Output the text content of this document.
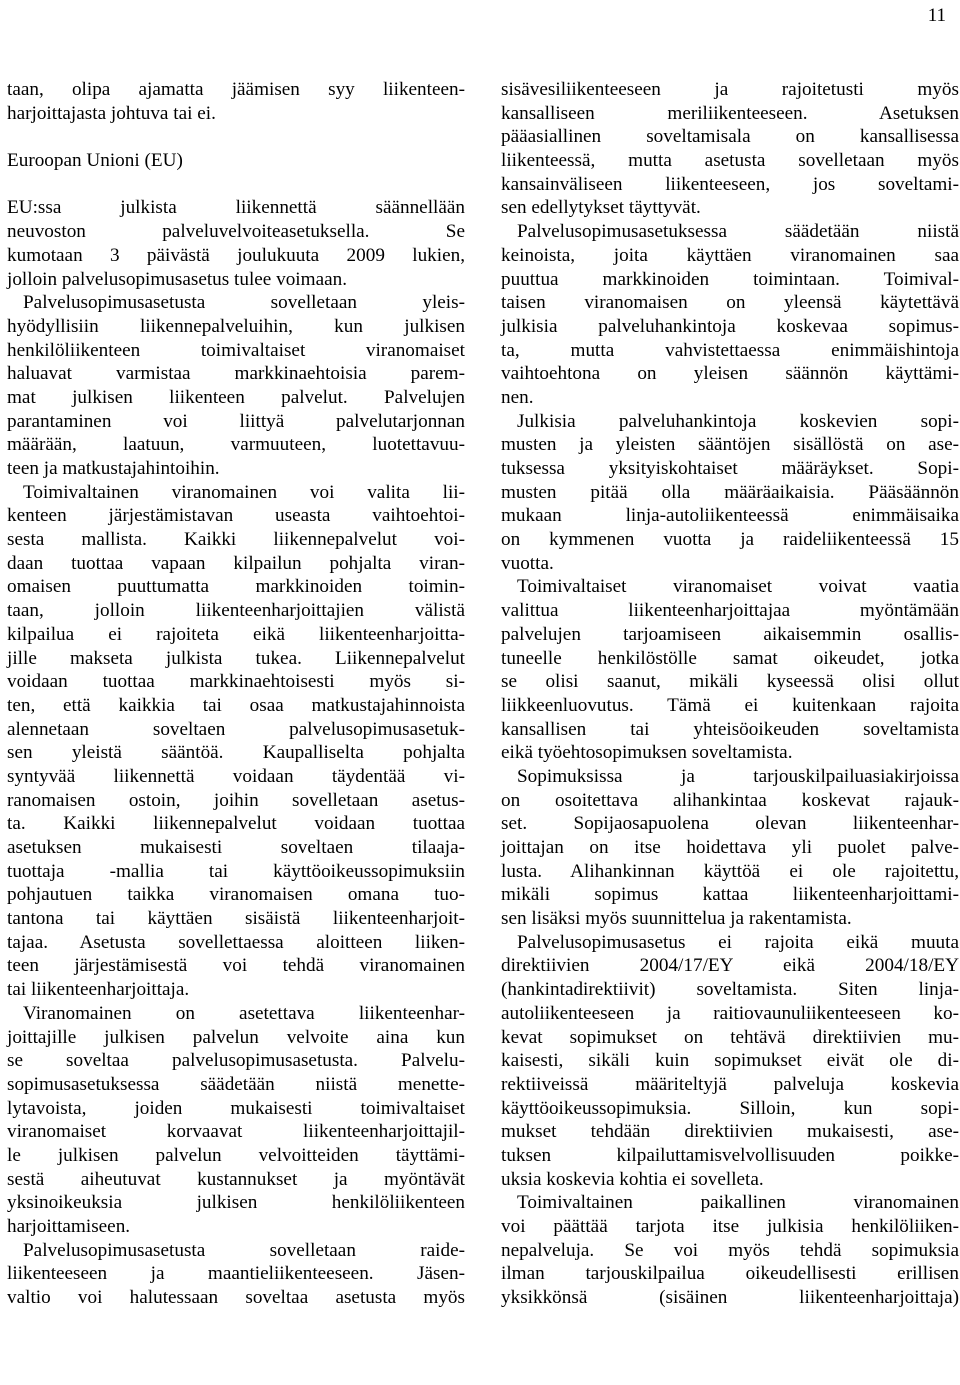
11
taan, olipa ajamatta jäämisen syy liikenteen-
harjoittajasta johtuva tai ei.
Euroopan Unioni (EU)
EU:ssa julkista liikennettä säännellään
neuvoston palveluvelvoiteasetuksella. Se
kumotaan 3 päivästä joulukuuta 2009 lukien,
jolloin palvelusopimusasetus tulee voimaan.
Palvelusopimusasetusta sovelletaan yleis-
hyödyllisiin liikennepalveluihin, kun julkisen
henkilöliikenteen toimivaltaiset viranomaiset
haluavat varmistaa markkinaehtoisia parem-
mat julkisen liikenteen palvelut. Palvelujen
parantaminen voi liittyä palvelutarjonnan
määrään, laatuun, varmuuteen, luotettavuu-
teen ja matkustajahintoihin.
Toimivaltainen viranomainen voi valita lii-
kenteen järjestämistavan useasta vaihtoehtoi-
sesta mallista. Kaikki liikennepalvelut voi-
daan tuottaa vapaan kilpailun pohjalta viran-
omaisen puuttumatta markkinoiden toimin-
taan, jolloin liikenteenharjoittajien välistä
kilpailua ei rajoiteta eikä liikenteenharjoitta-
jille makseta julkista tukea. Liikennepalvelut
voidaan tuottaa markkinaehtoisesti myös si-
ten, että kaikkia tai osaa matkustajahinnoista
alennetaan soveltaen palvelusopimusasetuk-
sen yleistä sääntöä. Kaupalliselta pohjalta
syntyvää liikennettä voidaan täydentää vi-
ranomaisen ostoin, joihin sovelletaan asetus-
ta. Kaikki liikennepalvelut voidaan tuottaa
asetuksen mukaisesti soveltaen tilaaja-
tuottaja -mallia tai käyttöoikeussopimuksiin
pohjautuen taikka viranomaisen omana tuo-
tantona tai käyttäen sisäistä liikenteenharjoit-
tajaa. Asetusta sovellettaessa aloitteen liiken-
teen järjestämisestä voi tehdä viranomainen
tai liikenteenharjoittaja.
Viranomainen on asetettava liikenteenhar-
joittajille julkisen palvelun velvoite aina kun
se soveltaa palvelusopimusasetusta. Palvelu-
sopimusasetuksessa säädetään niistä menette-
lytavoista, joiden mukaisesti toimivaltaiset
viranomaiset korvaavat liikenteenharjoittajil-
le julkisen palvelun velvoitteiden täyttämi-
sestä aiheutuvat kustannukset ja myöntävät
yksinoikeuksia julkisen henkilöliikenteen
harjoittamiseen.
Palvelusopimusasetusta sovelletaan raide-
liikenteeseen ja maantieliikenteeseen. Jäsen-
valtio voi halutessaan soveltaa asetusta myös
sisävesiliikenteeseen ja rajoitetusti myös
kansalliseen meriliikenteeseen. Asetuksen
pääasiallinen soveltamisala on kansallisessa
liikenteessä, mutta asetusta sovelletaan myös
kansainväliseen liikenteeseen, jos soveltami-
sen edellytykset täyttyvät.
Palvelusopimusasetuksessa säädetään niistä
keinoista, joita käyttäen viranomainen saa
puuttua markkinoiden toimintaan. Toimival-
taisen viranomaisen on yleensä käytettävä
julkisia palveluhankintoja koskevaa sopimus-
ta, mutta vahvistettaessa enimmäishintoja
vaihtoehtona on yleisen säännön käyttämi-
nen.
Julkisia palveluhankintoja koskevien sopi-
musten ja yleisten sääntöjen sisällöstä on ase-
tuksessa yksityiskohtaiset määräykset. Sopi-
musten pitää olla määräaikaisia. Pääsäännön
mukaan linja-autoliikenteessä enimmäisaika
on kymmenen vuotta ja raideliikenteessä 15
vuotta.
Toimivaltaiset viranomaiset voivat vaatia
valittua liikenteenharjoittajaa myöntämään
palvelujen tarjoamiseen aikaisemmin osallis-
tuneelle henkilöstölle samat oikeudet, jotka
se olisi saanut, mikäli kyseessä olisi ollut
liikkeenluovutus. Tämä ei kuitenkaan rajoita
kansallisen tai yhteisöoikeuden soveltamista
eikä työehtosopimuksen soveltamista.
Sopimuksissa ja tarjouskilpailuasiakirjoissa
on osoitettava alihankintaa koskevat rajauk-
set. Sopijaosapuolena olevan liikenteenhar-
joittajan on itse hoidettava yli puolet palve-
lusta. Alihankinnan käyttöä ei ole rajoitettu,
mikäli sopimus kattaa liikenteenharjoittami-
sen lisäksi myös suunnittelua ja rakentamista.
Palvelusopimusasetus ei rajoita eikä muuta
direktiivien 2004/17/EY eikä 2004/18/EY
(hankintadirektiivit) soveltamista. Siten linja-
autoliikenteeseen ja raitiovaunuliikenteeseen ko-
kevat sopimukset on tehtävä direktiivien mu-
kaisesti, sikäli kuin sopimukset eivät ole di-
rektiiveissä määriteltyjä palveluja koskevia
käyttöoikeussopimuksia. Silloin, kun sopi-
mukset tehdään direktiivien mukaisesti, ase-
tuksen kilpailuttamisvelvollisuuden poikke-
uksia koskevia kohtia ei sovelleta.
Toimivaltainen paikallinen viranomainen
voi päättää tarjota itse julkisia henkilöliiken-
nepalveluja. Se voi myös tehdä sopimuksia
ilman tarjouskilpailua oikeudellisesti erillisen
yksikkönsä (sisäinen liikenteenharjoittaja)
